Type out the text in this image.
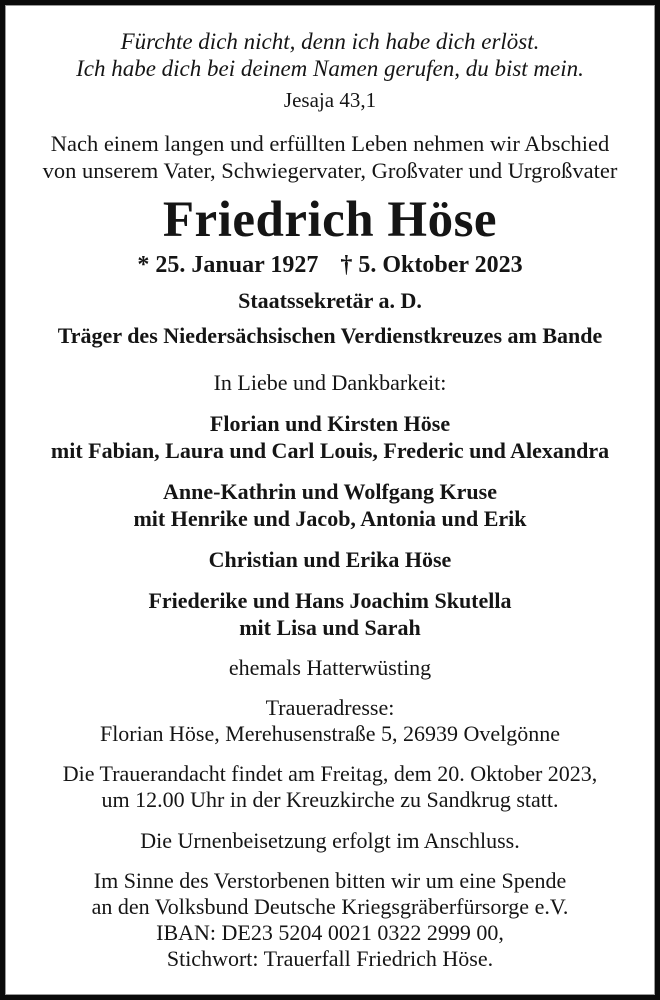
Fürchte dich nicht, denn ich habe dich erlöst.
Ich habe dich bei deinem Namen gerufen, du bist mein.
Jesaja 43,1
Nach einem langen und erfüllten Leben nehmen wir Abschied
von unserem Vater, Schwiegervater, Großvater und Urgroßvater
Friedrich Höse
* 25. Januar 1927 † 5. Oktober 2023
Staatssekretär a. D.
Träger des Niedersächsischen Verdienstkreuzes am Bande
In Liebe und Dankbarkeit:
Florian und Kirsten Höse
mit Fabian, Laura und Carl Louis, Frederic und Alexandra
Anne-Kathrin und Wolfgang Kruse
mit Henrike und Jacob, Antonia und Erik
Christian und Erika Höse
Friederike und Hans Joachim Skutella
mit Lisa und Sarah
ehemals Hatterwüsting
Traueradresse:
Florian Höse, Merehusenstraße 5, 26939 Ovelgönne
Die Trauerandacht findet am Freitag, dem 20. Oktober 2023,
um 12.00 Uhr in der Kreuzkirche zu Sandkrug statt.
Die Urnenbeisetzung erfolgt im Anschluss.
Im Sinne des Verstorbenen bitten wir um eine Spende
an den Volksbund Deutsche Kriegsgräberfürsorge e.V.
IBAN: DE23 5204 0021 0322 2999 00,
Stichwort: Trauerfall Friedrich Höse.
